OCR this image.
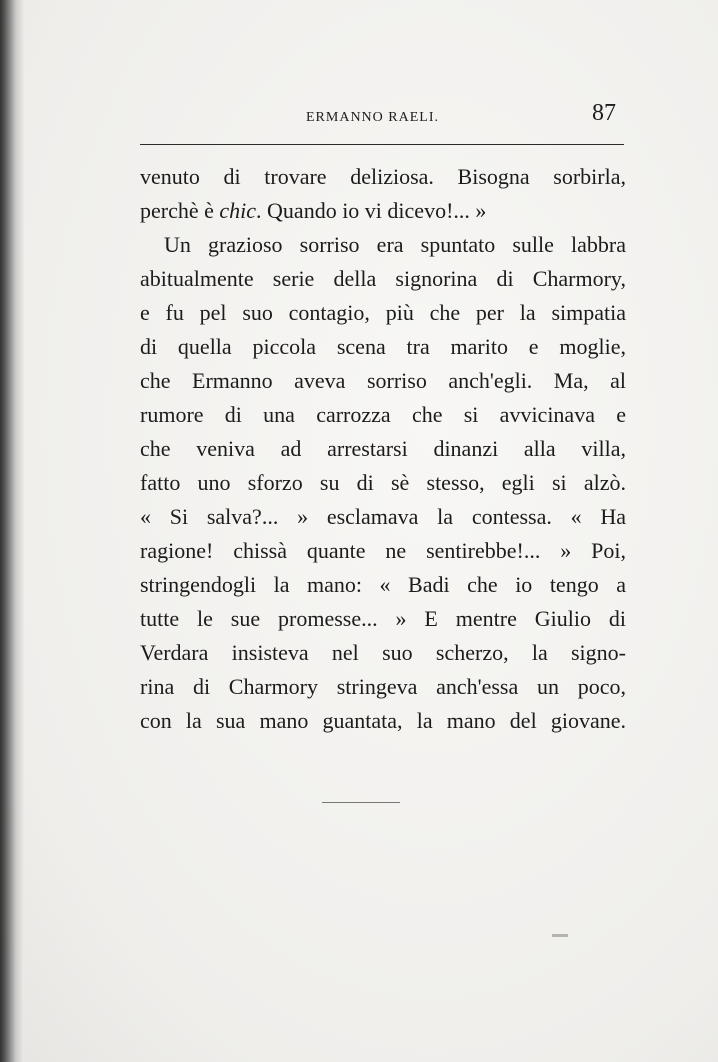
ERMANNO RAELI.	87
venuto di trovare deliziosa. Bisogna sorbirla,
perchè è chic. Quando io vi dicevo!... »
Un grazioso sorriso era spuntato sulle labbra
abitualmente serie della signorina di Charmory,
e fu pel suo contagio, più che per la simpatia
di quella piccola scena tra marito e moglie,
che Ermanno aveva sorriso anch'egli. Ma, al
rumore di una carrozza che si avvicinava e
che veniva ad arrestarsi dinanzi alla villa,
fatto uno sforzo su di sè stesso, egli si alzò.
« Si salva?... » esclamava la contessa. « Ha
ragione! chissà quante ne sentirebbe!... » Poi,
stringendogli la mano: « Badi che io tengo a
tutte le sue promesse... » E mentre Giulio di
Verdara insisteva nel suo scherzo, la signo-
rina di Charmory stringeva anch'essa un poco,
con la sua mano guantata, la mano del giovane.
